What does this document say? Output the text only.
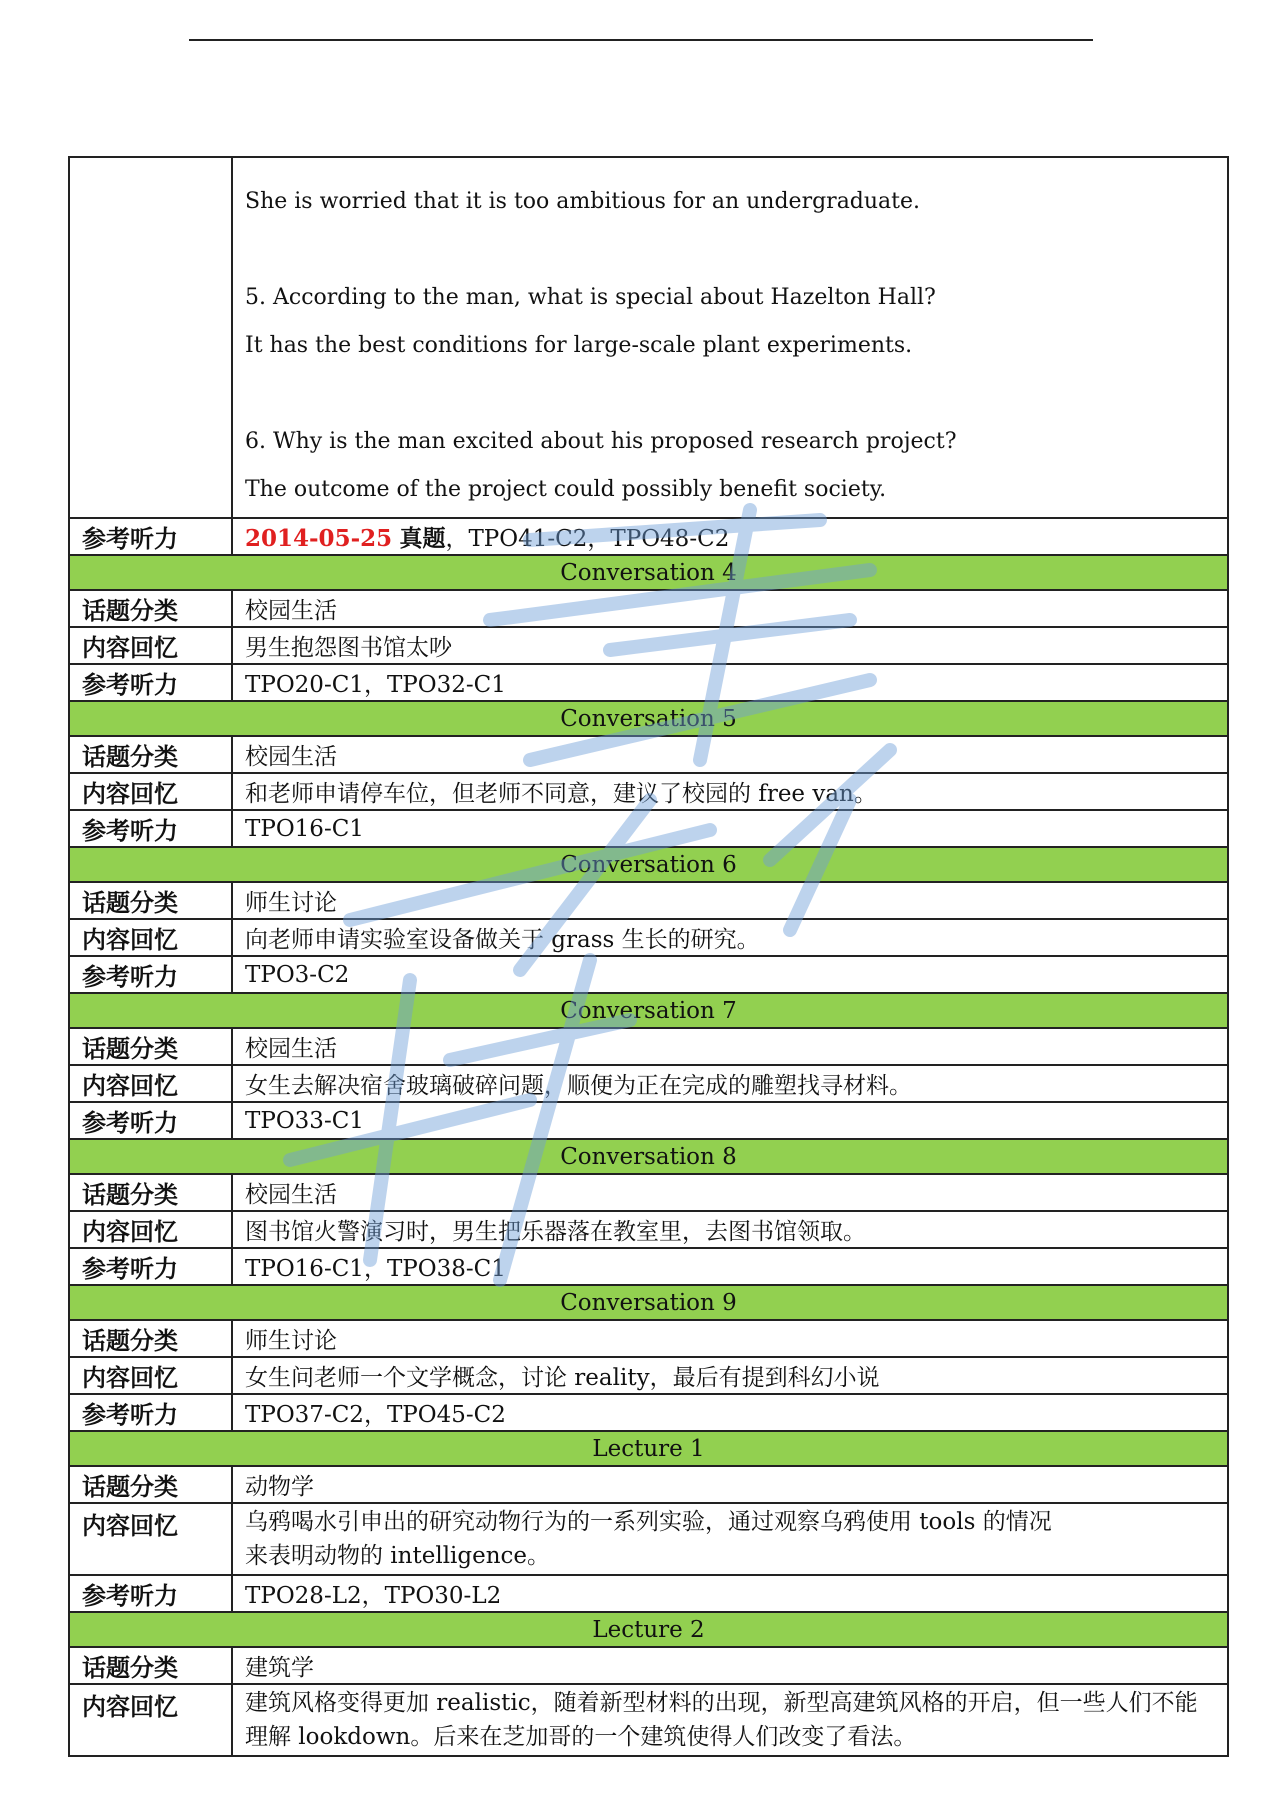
	She is worried that it is too ambitious for an undergraduate.

5. According to the man, what is special about Hazelton Hall?

It has the best conditions for large-scale plant experiments.

6. Why is the man excited about his proposed research project?

The outcome of the project could possibly benefit society.

参考听力	2014-05-25 真题，TPO41-C2，TPO48-C2
Conversation 4	
话题分类	校园生活
内容回忆	男生抱怨图书馆太吵
参考听力	TPO20-C1，TPO32-C1
Conversation 5	
话题分类	校园生活
内容回忆	和老师申请停车位，但老师不同意，建议了校园的 free van。
参考听力	TPO16-C1
Conversation 6	
话题分类	师生讨论
内容回忆	向老师申请实验室设备做关于 grass 生长的研究。
参考听力	TPO3-C2
Conversation 7	
话题分类	校园生活
内容回忆	女生去解决宿舍玻璃破碎问题，顺便为正在完成的雕塑找寻材料。
参考听力	TPO33-C1
Conversation 8	
话题分类	校园生活
内容回忆	图书馆火警演习时，男生把乐器落在教室里，去图书馆领取。
参考听力	TPO16-C1，TPO38-C1
Conversation 9	
话题分类	师生讨论
内容回忆	女生问老师一个文学概念，讨论 reality，最后有提到科幻小说
参考听力	TPO37-C2，TPO45-C2
Lecture 1	
话题分类	动物学
内容回忆	乌鸦喝水引申出的研究动物行为的一系列实验，通过观察乌鸦使用 tools 的情况来表明动物的 intelligence。
参考听力	TPO28-L2，TPO30-L2
Lecture 2	
话题分类	建筑学
内容回忆	建筑风格变得更加 realistic，随着新型材料的出现，新型高建筑风格的开启，但一些人们不能理解 lookdown。后来在芝加哥的一个建筑使得人们改变了看法。
